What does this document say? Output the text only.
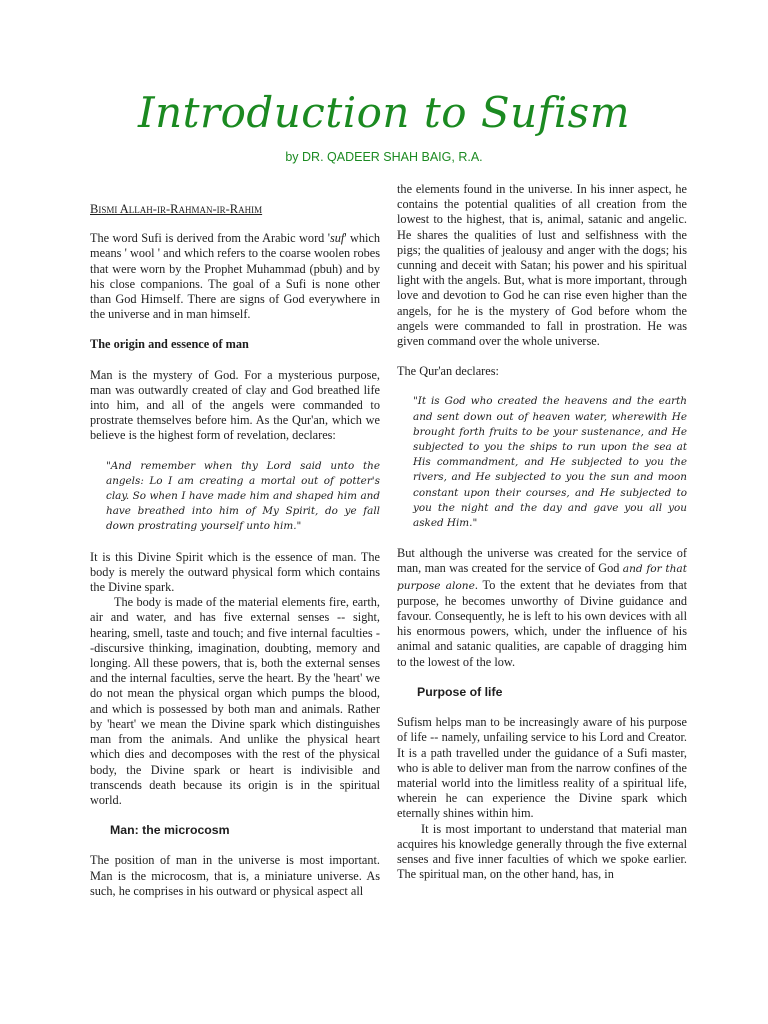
Introduction to Sufism
by DR. QADEER SHAH BAIG, R.A.

Bismi Allah-ir-Rahman-ir-Rahim

The word Sufi is derived from the Arabic word 'suf' which means ' wool ' and which refers to the coarse woolen robes that were worn by the Prophet Muhammad (pbuh) and by his close companions. The goal of a Sufi is none other than God Himself. There are signs of God everywhere in the universe and in man himself.

The origin and essence of man

Man is the mystery of God. For a mysterious purpose, man was outwardly created of clay and God breathed life into him, and all of the angels were commanded to prostrate themselves before him. As the Qur'an, which we believe is the highest form of revelation, declares:

"And remember when thy Lord said unto the angels: Lo I am creating a mortal out of potter's clay. So when I have made him and shaped him and have breathed into him of My Spirit, do ye fall down prostrating yourself unto him."

It is this Divine Spirit which is the essence of man. The body is merely the outward physical form which contains the Divine spark.

The body is made of the material elements fire, earth, air and water, and has five external senses -- sight, hearing, smell, taste and touch; and five internal faculties --discursive thinking, imagination, doubting, memory and longing. All these powers, that is, both the external senses and the internal faculties, serve the heart. By the 'heart' we do not mean the physical organ which pumps the blood, and which is possessed by both man and animals. Rather by 'heart' we mean the Divine spark which distinguishes man from the animals. And unlike the physical heart which dies and decomposes with the rest of the physical body, the Divine spark or heart is indivisible and transcends death because its origin is in the spiritual world.

Man: the microcosm

The position of man in the universe is most important. Man is the microcosm, that is, a miniature universe. As such, he comprises in his outward or physical aspect all

the elements found in the universe. In his inner aspect, he contains the potential qualities of all creation from the lowest to the highest, that is, animal, satanic and angelic. He shares the qualities of lust and selfishness with the pigs; the qualities of jealousy and anger with the dogs; his cunning and deceit with Satan; his power and his spiritual light with the angels. But, what is more important, through love and devotion to God he can rise even higher than the angels, for he is the mystery of God before whom the angels were commanded to fall in prostration. He was given command over the whole universe.

The Qur'an declares:

"It is God who created the heavens and the earth and sent down out of heaven water, wherewith He brought forth fruits to be your sustenance, and He subjected to you the ships to run upon the sea at His commandment, and He subjected to you the rivers, and He subjected to you the sun and moon constant upon their courses, and He subjected to you the night and the day and gave you all you asked Him."

But although the universe was created for the service of man, man was created for the service of God and for that purpose alone. To the extent that he deviates from that purpose, he becomes unworthy of Divine guidance and favour. Consequently, he is left to his own devices with all his enormous powers, which, under the influence of his animal and satanic qualities, are capable of dragging him to the lowest of the low.

Purpose of life

Sufism helps man to be increasingly aware of his purpose of life -- namely, unfailing service to his Lord and Creator. It is a path travelled under the guidance of a Sufi master, who is able to deliver man from the narrow confines of the material world into the limitless reality of a spiritual life, wherein he can experience the Divine spark which eternally shines within him.

It is most important to understand that material man acquires his knowledge generally through the five external senses and five inner faculties of which we spoke earlier. The spiritual man, on the other hand, has, in
